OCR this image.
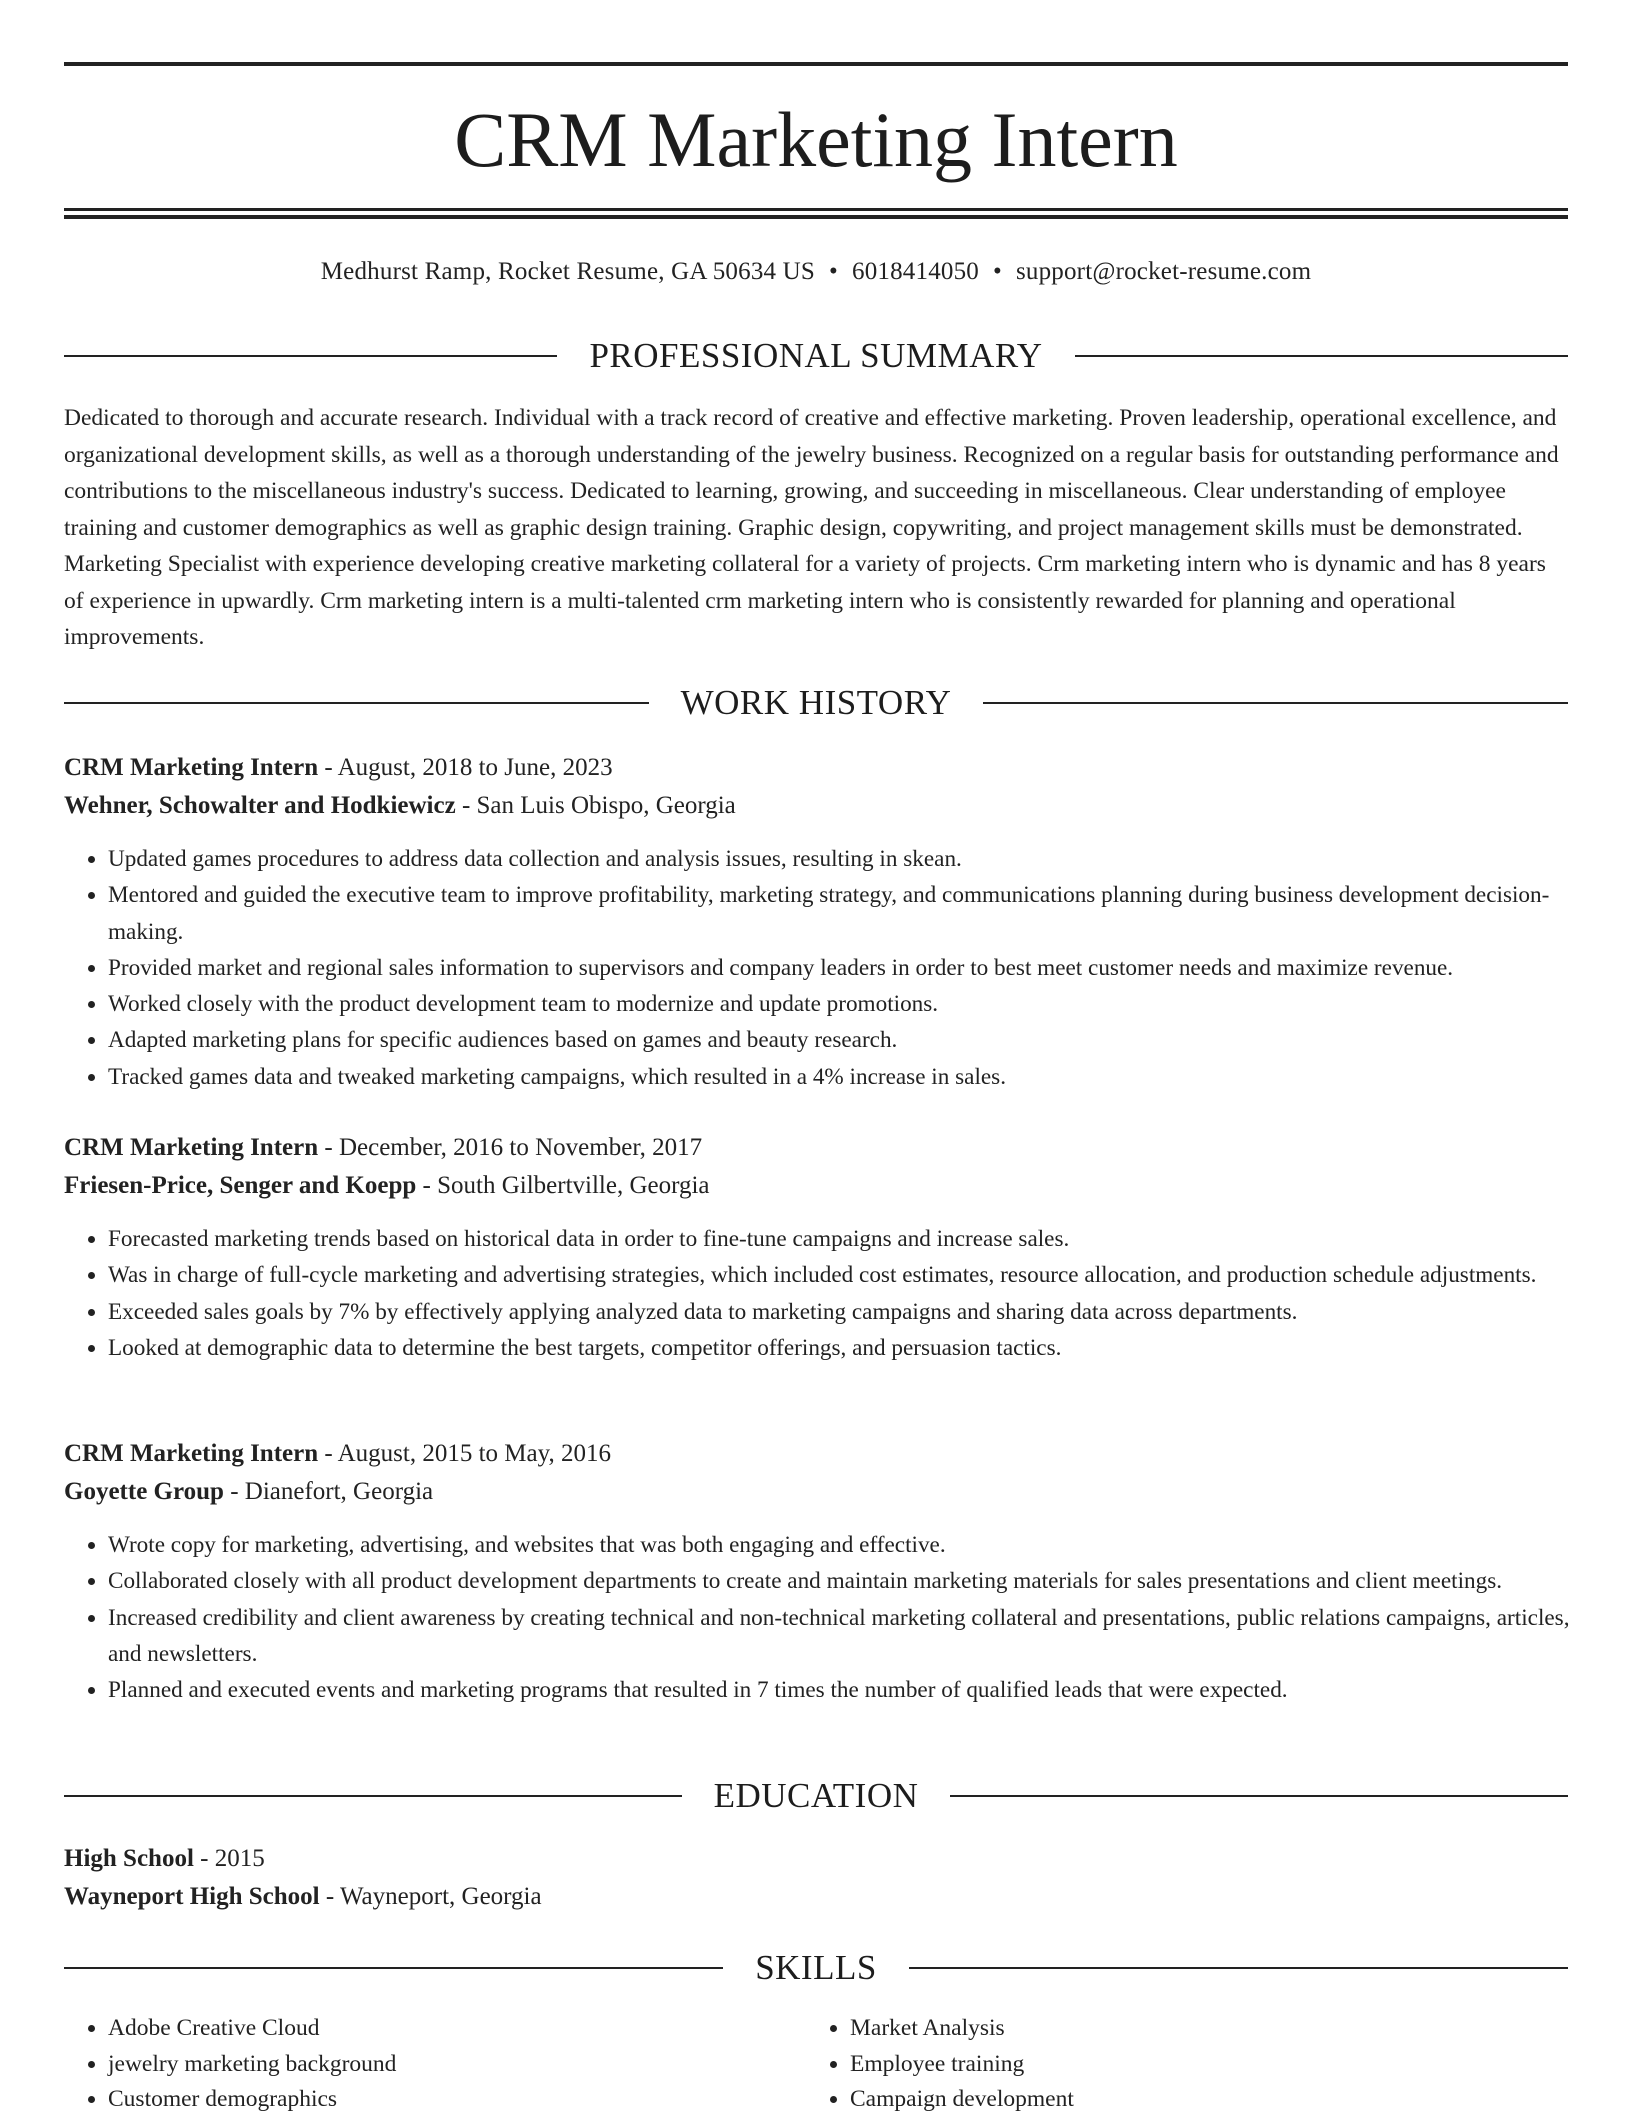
CRM Marketing Intern
Medhurst Ramp, Rocket Resume, GA 50634 US • 6018414050 • support@rocket-resume.com
PROFESSIONAL SUMMARY

Dedicated to thorough and accurate research. Individual with a track record of creative and effective marketing. Proven leadership, operational excellence, and organizational development skills, as well as a thorough understanding of the jewelry business. Recognized on a regular basis for outstanding performance and contributions to the miscellaneous industry's success. Dedicated to learning, growing, and succeeding in miscellaneous. Clear understanding of employee training and customer demographics as well as graphic design training. Graphic design, copywriting, and project management skills must be demonstrated. Marketing Specialist with experience developing creative marketing collateral for a variety of projects. Crm marketing intern who is dynamic and has 8 years of experience in upwardly. Crm marketing intern is a multi-talented crm marketing intern who is consistently rewarded for planning and operational improvements.

WORK HISTORY
CRM Marketing Intern - August, 2018 to June, 2023
Wehner, Schowalter and Hodkiewicz - San Luis Obispo, Georgia
• Updated games procedures to address data collection and analysis issues, resulting in skean.
• Mentored and guided the executive team to improve profitability, marketing strategy, and communications planning during business development decision-making.
• Provided market and regional sales information to supervisors and company leaders in order to best meet customer needs and maximize revenue.
• Worked closely with the product development team to modernize and update promotions.
• Adapted marketing plans for specific audiences based on games and beauty research.
• Tracked games data and tweaked marketing campaigns, which resulted in a 4% increase in sales.
CRM Marketing Intern - December, 2016 to November, 2017
Friesen-Price, Senger and Koepp - South Gilbertville, Georgia
• Forecasted marketing trends based on historical data in order to fine-tune campaigns and increase sales.
• Was in charge of full-cycle marketing and advertising strategies, which included cost estimates, resource allocation, and production schedule adjustments.
• Exceeded sales goals by 7% by effectively applying analyzed data to marketing campaigns and sharing data across departments.
• Looked at demographic data to determine the best targets, competitor offerings, and persuasion tactics.
CRM Marketing Intern - August, 2015 to May, 2016
Goyette Group - Dianefort, Georgia
• Wrote copy for marketing, advertising, and websites that was both engaging and effective.
• Collaborated closely with all product development departments to create and maintain marketing materials for sales presentations and client meetings.
• Increased credibility and client awareness by creating technical and non-technical marketing collateral and presentations, public relations campaigns, articles, and newsletters.
• Planned and executed events and marketing programs that resulted in 7 times the number of qualified leads that were expected.
EDUCATION
High School - 2015
Wayneport High School - Wayneport, Georgia
SKILLS
• Adobe Creative Cloud
• jewelry marketing background
• Customer demographics
• Market Analysis
• Employee training
• Campaign development
